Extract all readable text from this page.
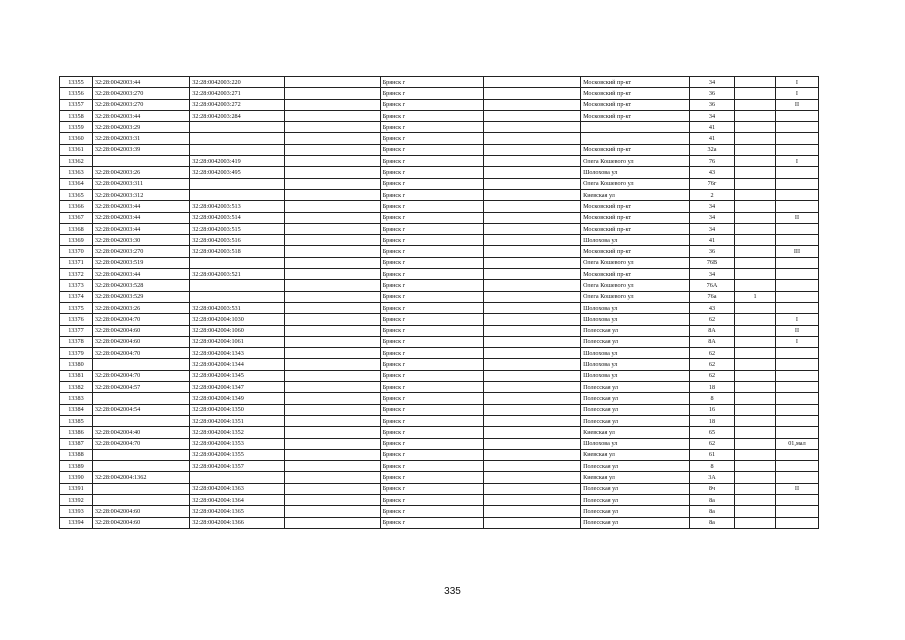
13355	32:28:0042003:44	32:28:0042003:220		Брянск г		Московский пр-кт	34		I
13356	32:28:0042003:270	32:28:0042003:271		Брянск г		Московский пр-кт	36		I
13357	32:28:0042003:270	32:28:0042003:272		Брянск г		Московский пр-кт	36		II
13358	32:28:0042003:44	32:28:0042003:284		Брянск г		Московский пр-кт	34		
13359	32:28:0042003:29			Брянск г			41		
13360	32:28:0042003:31			Брянск г			41		
13361	32:28:0042003:39			Брянск г		Московский пр-кт	32а		
13362		32:28:0042003:419		Брянск г		Олега Кошевого ул	76		I
13363	32:28:0042003:26	32:28:0042003:495		Брянск г		Шолохова ул	43		
13364	32:28:0042003:311			Брянск г		Олега Кошевого ул	76г		
13365	32:28:0042003:312			Брянск г		Киевская ул	2		
13366	32:28:0042003:44	32:28:0042003:513		Брянск г		Московский пр-кт	34		
13367	32:28:0042003:44	32:28:0042003:514		Брянск г		Московский пр-кт	34		II
13368	32:28:0042003:44	32:28:0042003:515		Брянск г		Московский пр-кт	34		
13369	32:28:0042003:30	32:28:0042003:516		Брянск г		Шолохова ул	41		
13370	32:28:0042003:270	32:28:0042003:518		Брянск г		Московский пр-кт	36		III
13371	32:28:0042003:519			Брянск г		Олега Кошевого ул	76В		
13372	32:28:0042003:44	32:28:0042003:521		Брянск г		Московский пр-кт	34		
13373	32:28:0042003:528			Брянск г		Олега Кошевого ул	76А		
13374	32:28:0042003:529			Брянск г		Олега Кошевого ул	76а	1	
13375	32:28:0042003:26	32:28:0042003:531		Брянск г		Шолохова ул	43		
13376	32:28:0042004:70	32:28:0042004:1030		Брянск г		Шолохова ул	62		I
13377	32:28:0042004:60	32:28:0042004:1060		Брянск г		Полесская ул	8А		II
13378	32:28:0042004:60	32:28:0042004:1061		Брянск г		Полесская ул	8А		I
13379	32:28:0042004:70	32:28:0042004:1343		Брянск г		Шолохова ул	62		
13380		32:28:0042004:1344		Брянск г		Шолохова ул	62		
13381	32:28:0042004:70	32:28:0042004:1345		Брянск г		Шолохова ул	62		
13382	32:28:0042004:57	32:28:0042004:1347		Брянск г		Полесская ул	18		
13383		32:28:0042004:1349		Брянск г		Полесская ул	8		
13384	32:28:0042004:54	32:28:0042004:1350		Брянск г		Полесская ул	16		
13385		32:28:0042004:1351		Брянск г		Полесская ул	18		
13386	32:28:0042004:40	32:28:0042004:1352		Брянск г		Киевская ул	65		
13387	32:28:0042004:70	32:28:0042004:1353		Брянск г		Шолохова ул	62		01,мал
13388		32:28:0042004:1355		Брянск г		Киевская ул	61		
13389		32:28:0042004:1357		Брянск г		Полесская ул	8		
13390	32:28:0042004:1362			Брянск г		Киевская ул	3А		
13391		32:28:0042004:1363		Брянск г		Полесская ул	8ч		II
13392		32:28:0042004:1364		Брянск г		Полесская ул	8а		
13393	32:28:0042004:60	32:28:0042004:1365		Брянск г		Полесская ул	8а		
13394	32:28:0042004:60	32:28:0042004:1366		Брянск г		Полесская ул	8а		
335
